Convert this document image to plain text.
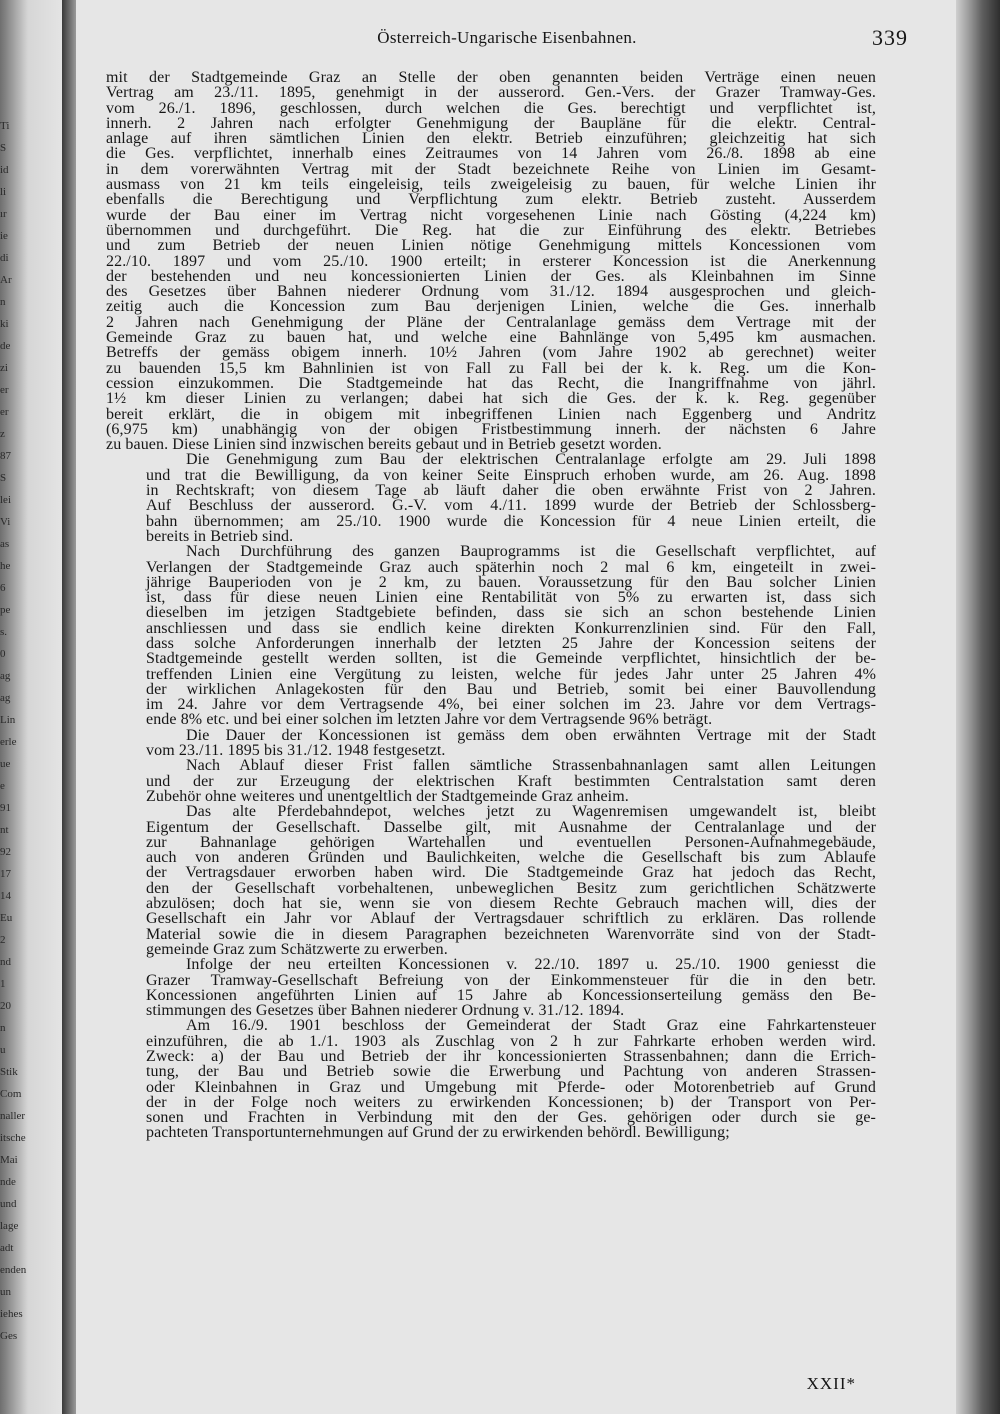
Ti
S
id
li
ır
ie
di
Ar
n
ki
de
zi
er
er
z
87
S
lei
Vi
as
he
6
pe
s.
0
ag
ag
Lin
erle
ue
e
91
nt
92
17
14
Eu
2
nd
1
20
n
u
Stik
Com
naller
itsche
Mai
nde
und
lage
adt
enden
un
iehes
Ges
Österreich-Ungarische Eisenbahnen.	339
mit der Stadtgemeinde Graz an Stelle der oben genannten beiden Verträge einen neuen
Vertrag am 23./11. 1895, genehmigt in der ausserord. Gen.-Vers. der Grazer Tramway-Ges.
vom 26./1. 1896, geschlossen, durch welchen die Ges. berechtigt und verpflichtet ist,
innerh. 2 Jahren nach erfolgter Genehmigung der Baupläne für die elektr. Central-
anlage auf ihren sämtlichen Linien den elektr. Betrieb einzuführen; gleichzeitig hat sich
die Ges. verpflichtet, innerhalb eines Zeitraumes von 14 Jahren vom 26./8. 1898 ab eine
in dem vorerwähnten Vertrag mit der Stadt bezeichnete Reihe von Linien im Gesamt-
ausmass von 21 km teils eingeleisig, teils zweigeleisig zu bauen, für welche Linien ihr
ebenfalls die Berechtigung und Verpflichtung zum elektr. Betrieb zusteht. Ausserdem
wurde der Bau einer im Vertrag nicht vorgesehenen Linie nach Gösting (4,224 km)
übernommen und durchgeführt. Die Reg. hat die zur Einführung des elektr. Betriebes
und zum Betrieb der neuen Linien nötige Genehmigung mittels Koncessionen vom
22./10. 1897 und vom 25./10. 1900 erteilt; in ersterer Koncession ist die Anerkennung
der bestehenden und neu koncessionierten Linien der Ges. als Kleinbahnen im Sinne
des Gesetzes über Bahnen niederer Ordnung vom 31./12. 1894 ausgesprochen und gleich-
zeitig auch die Koncession zum Bau derjenigen Linien, welche die Ges. innerhalb
2 Jahren nach Genehmigung der Pläne der Centralanlage gemäss dem Vertrage mit der
Gemeinde Graz zu bauen hat, und welche eine Bahnlänge von 5,495 km ausmachen.
Betreffs der gemäss obigem innerh. 10½ Jahren (vom Jahre 1902 ab gerechnet) weiter
zu bauenden 15,5 km Bahnlinien ist von Fall zu Fall bei der k. k. Reg. um die Kon-
cession einzukommen. Die Stadtgemeinde hat das Recht, die Inangriffnahme von jährl.
1½ km dieser Linien zu verlangen; dabei hat sich die Ges. der k. k. Reg. gegenüber
bereit erklärt, die in obigem mit inbegriffenen Linien nach Eggenberg und Andritz
(6,975 km) unabhängig von der obigen Fristbestimmung innerh. der nächsten 6 Jahre
zu bauen. Diese Linien sind inzwischen bereits gebaut und in Betrieb gesetzt worden.
Die Genehmigung zum Bau der elektrischen Centralanlage erfolgte am 29. Juli 1898
und trat die Bewilligung, da von keiner Seite Einspruch erhoben wurde, am 26. Aug. 1898
in Rechtskraft; von diesem Tage ab läuft daher die oben erwähnte Frist von 2 Jahren.
Auf Beschluss der ausserord. G.-V. vom 4./11. 1899 wurde der Betrieb der Schlossberg-
bahn übernommen; am 25./10. 1900 wurde die Koncession für 4 neue Linien erteilt, die
bereits in Betrieb sind.
Nach Durchführung des ganzen Bauprogramms ist die Gesellschaft verpflichtet, auf
Verlangen der Stadtgemeinde Graz auch späterhin noch 2 mal 6 km, eingeteilt in zwei-
jährige Bauperioden von je 2 km, zu bauen. Voraussetzung für den Bau solcher Linien
ist, dass für diese neuen Linien eine Rentabilität von 5% zu erwarten ist, dass sich
dieselben im jetzigen Stadtgebiete befinden, dass sie sich an schon bestehende Linien
anschliessen und dass sie endlich keine direkten Konkurrenzlinien sind. Für den Fall,
dass solche Anforderungen innerhalb der letzten 25 Jahre der Koncession seitens der
Stadtgemeinde gestellt werden sollten, ist die Gemeinde verpflichtet, hinsichtlich der be-
treffenden Linien eine Vergütung zu leisten, welche für jedes Jahr unter 25 Jahren 4%
der wirklichen Anlagekosten für den Bau und Betrieb, somit bei einer Bauvollendung
im 24. Jahre vor dem Vertragsende 4%, bei einer solchen im 23. Jahre vor dem Vertrags-
ende 8% etc. und bei einer solchen im letzten Jahre vor dem Vertragsende 96% beträgt.
Die Dauer der Koncessionen ist gemäss dem oben erwähnten Vertrage mit der Stadt
vom 23./11. 1895 bis 31./12. 1948 festgesetzt.
Nach Ablauf dieser Frist fallen sämtliche Strassenbahnanlagen samt allen Leitungen
und der zur Erzeugung der elektrischen Kraft bestimmten Centralstation samt deren
Zubehör ohne weiteres und unentgeltlich der Stadtgemeinde Graz anheim.
Das alte Pferdebahndepot, welches jetzt zu Wagenremisen umgewandelt ist, bleibt
Eigentum der Gesellschaft. Dasselbe gilt, mit Ausnahme der Centralanlage und der
zur Bahnanlage gehörigen Wartehallen und eventuellen Personen-Aufnahmegebäude,
auch von anderen Gründen und Baulichkeiten, welche die Gesellschaft bis zum Ablaufe
der Vertragsdauer erworben haben wird. Die Stadtgemeinde Graz hat jedoch das Recht,
den der Gesellschaft vorbehaltenen, unbeweglichen Besitz zum gerichtlichen Schätzwerte
abzulösen; doch hat sie, wenn sie von diesem Rechte Gebrauch machen will, dies der
Gesellschaft ein Jahr vor Ablauf der Vertragsdauer schriftlich zu erklären. Das rollende
Material sowie die in diesem Paragraphen bezeichneten Warenvorräte sind von der Stadt-
gemeinde Graz zum Schätzwerte zu erwerben.
Infolge der neu erteilten Koncessionen v. 22./10. 1897 u. 25./10. 1900 geniesst die
Grazer Tramway-Gesellschaft Befreiung von der Einkommensteuer für die in den betr.
Koncessionen angeführten Linien auf 15 Jahre ab Koncessionserteilung gemäss den Be-
stimmungen des Gesetzes über Bahnen niederer Ordnung v. 31./12. 1894.
Am 16./9. 1901 beschloss der Gemeinderat der Stadt Graz eine Fahrkartensteuer
einzuführen, die ab 1./1. 1903 als Zuschlag von 2 h zur Fahrkarte erhoben werden wird.
Zweck: a) der Bau und Betrieb der ihr koncessionierten Strassenbahnen; dann die Errich-
tung, der Bau und Betrieb sowie die Erwerbung und Pachtung von anderen Strassen-
oder Kleinbahnen in Graz und Umgebung mit Pferde- oder Motorenbetrieb auf Grund
der in der Folge noch weiters zu erwirkenden Koncessionen; b) der Transport von Per-
sonen und Frachten in Verbindung mit den der Ges. gehörigen oder durch sie ge-
pachteten Transportunternehmungen auf Grund der zu erwirkenden behördl. Bewilligung;
XXII*
